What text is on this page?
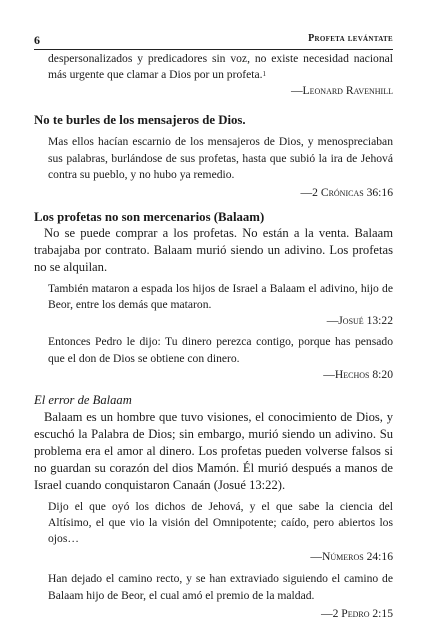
6	Profeta levántate

despersonalizados y predicadores sin voz, no existe necesidad nacional más urgente que clamar a Dios por un profeta.$^1$

—Leonard Ravenhill

No te burles de los mensajeros de Dios.

Mas ellos hacían escarnio de los mensajeros de Dios, y menospreciaban sus palabras, burlándose de sus profetas, hasta que subió la ira de Jehová contra su pueblo, y no hubo ya remedio.

—2 Crónicas 36:16

Los profetas no son mercenarios (Balaam)

No se puede comprar a los profetas. No están a la venta. Balaam trabajaba por contrato. Balaam murió siendo un adivino. Los profetas no se alquilan.

También mataron a espada los hijos de Israel a Balaam el adivino, hijo de Beor, entre los demás que mataron.

—Josué 13:22

Entonces Pedro le dijo: Tu dinero perezca contigo, porque has pensado que el don de Dios se obtiene con dinero.

—Hechos 8:20

El error de Balaam

Balaam es un hombre que tuvo visiones, el conocimiento de Dios, y escuchó la Palabra de Dios; sin embargo, murió siendo un adivino. Su problema era el amor al dinero. Los profetas pueden volverse falsos si no guardan su corazón del dios Mamón. Él murió después a manos de Israel cuando conquistaron Canaán (Josué 13:22).

Dijo el que oyó los dichos de Jehová, y el que sabe la ciencia del Altísimo, el que vio la visión del Omnipotente; caído, pero abiertos los ojos…

—Números 24:16

Han dejado el camino recto, y se han extraviado siguiendo el camino de Balaam hijo de Beor, el cual amó el premio de la maldad.

—2 Pedro 2:15
